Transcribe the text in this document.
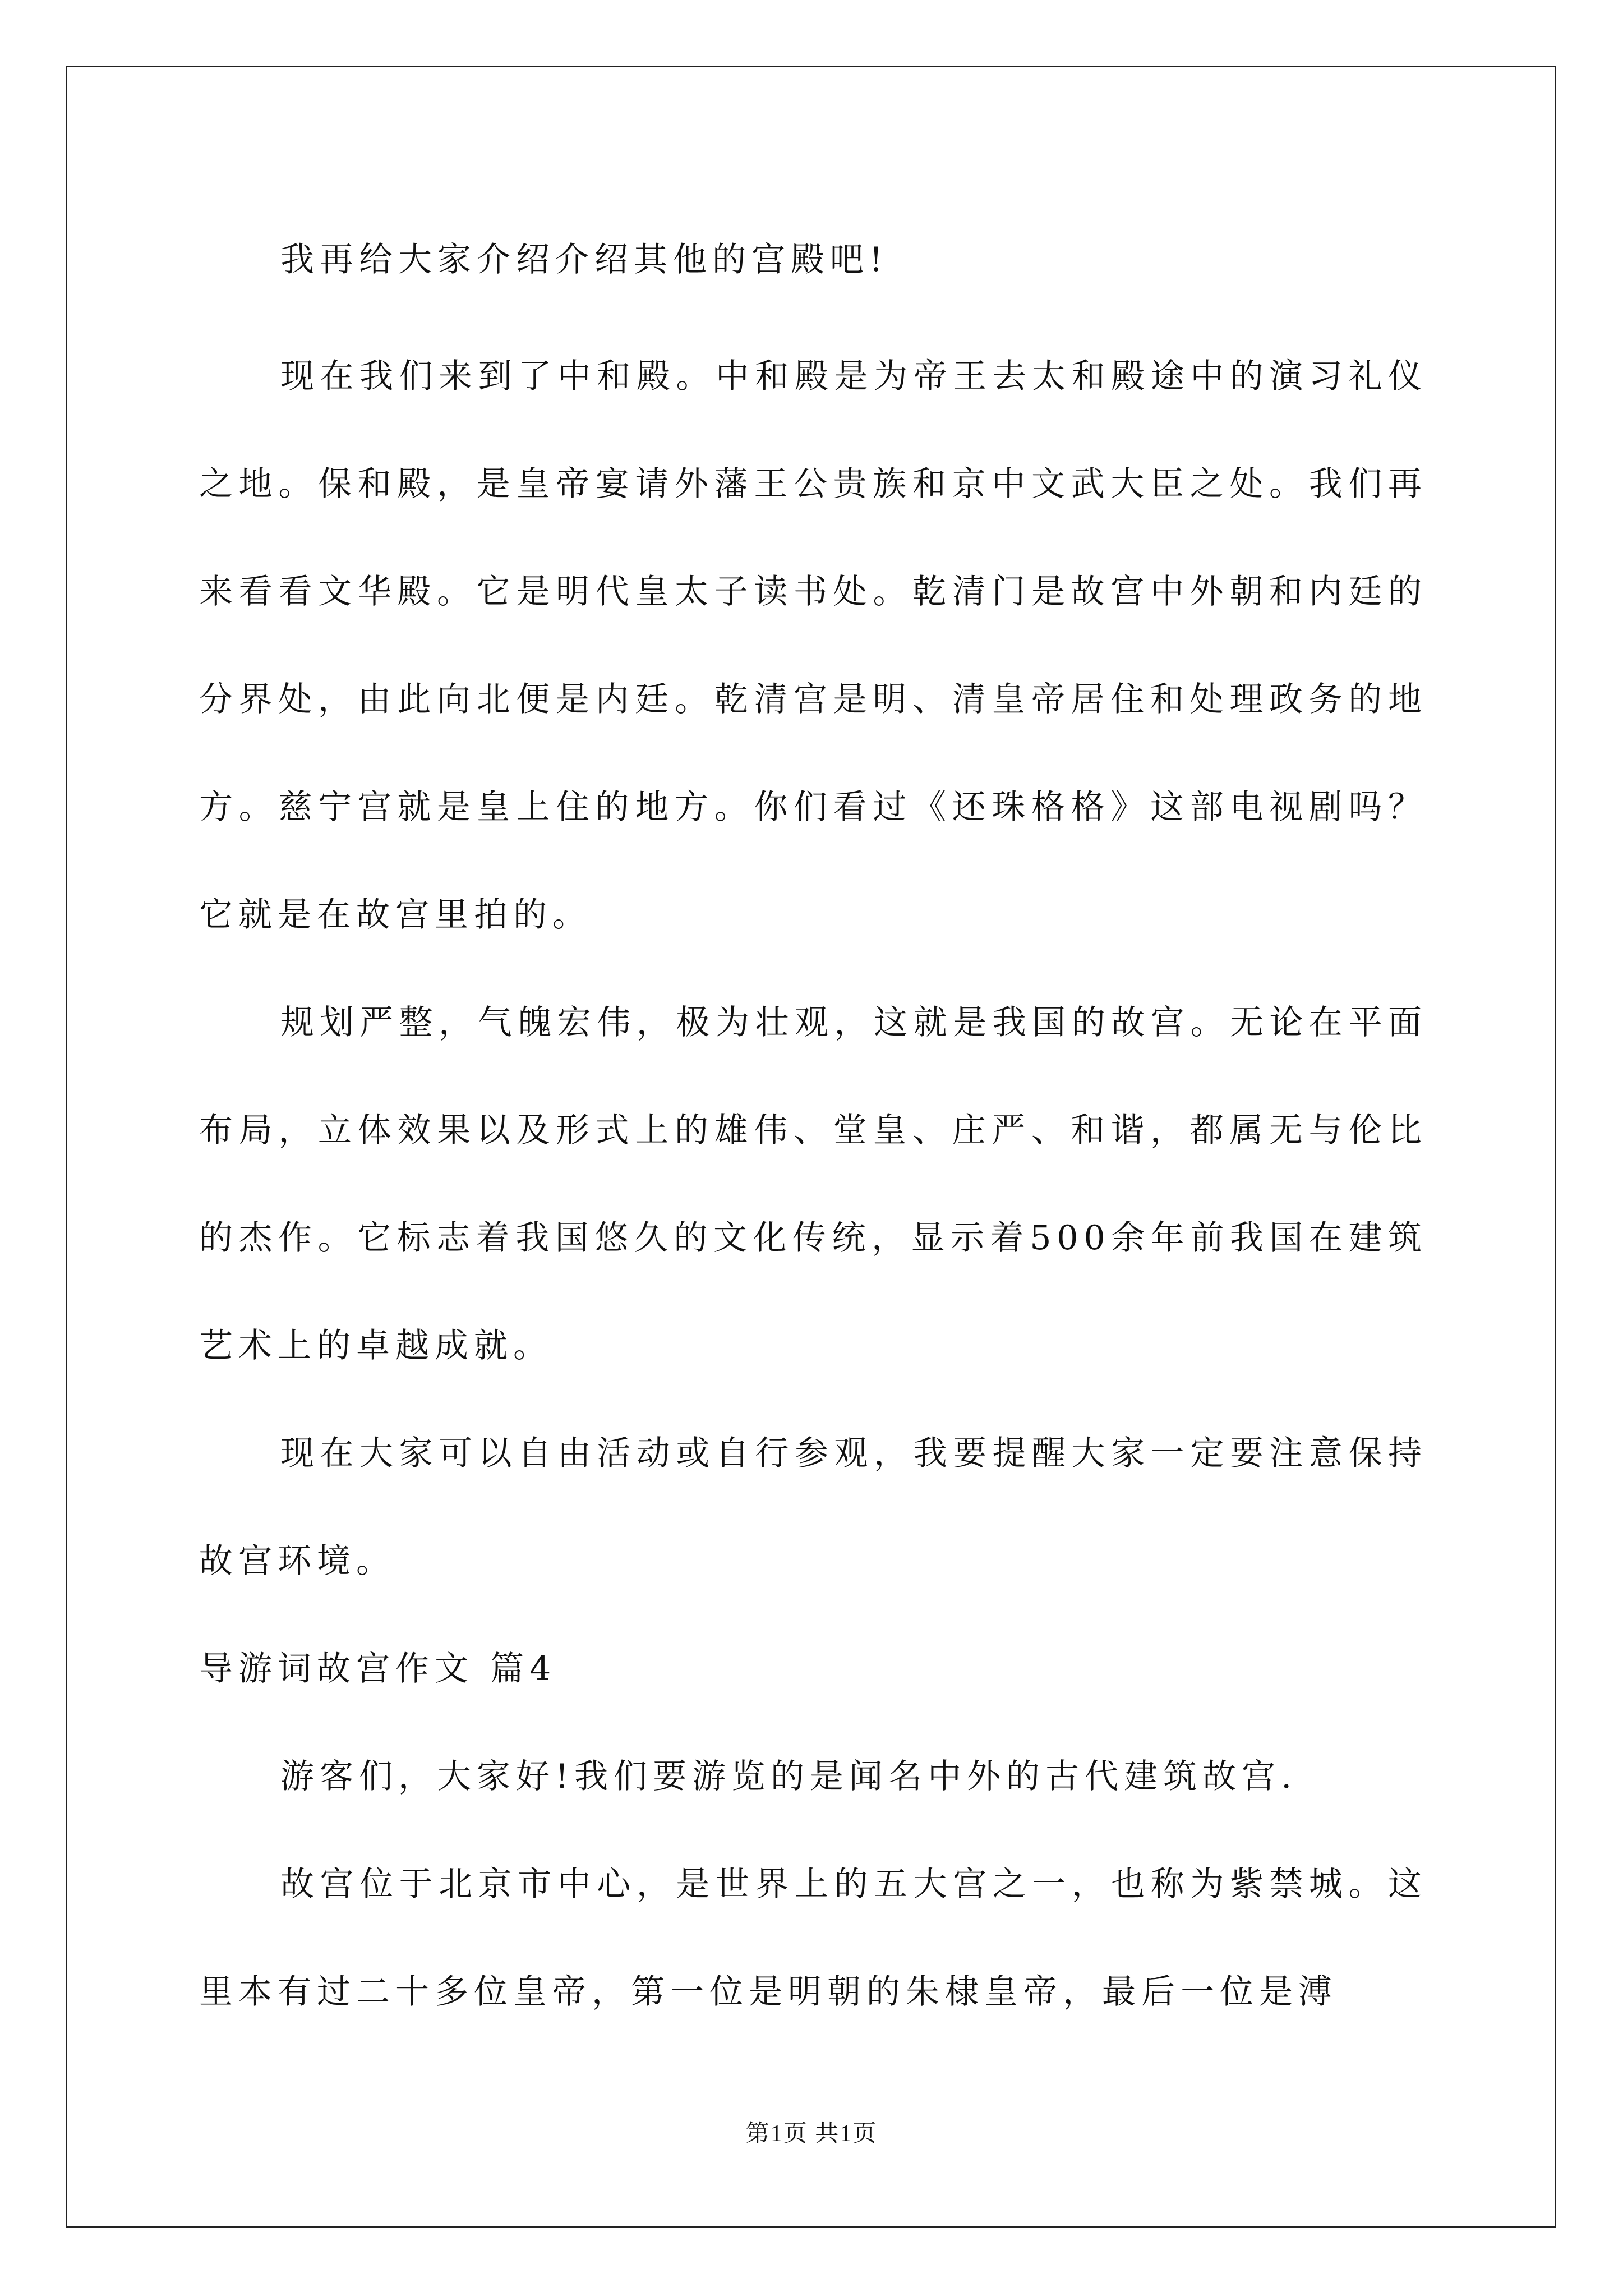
我再给大家介绍介绍其他的宫殿吧!

现在我们来到了中和殿。中和殿是为帝王去太和殿途中的演习礼仪之地。保和殿，是皇帝宴请外藩王公贵族和京中文武大臣之处。我们再来看看文华殿。它是明代皇太子读书处。乾清门是故宫中外朝和内廷的分界处，由此向北便是内廷。乾清宫是明、清皇帝居住和处理政务的地方。慈宁宫就是皇上住的地方。你们看过《还珠格格》这部电视剧吗？它就是在故宫里拍的。

规划严整，气魄宏伟，极为壮观，这就是我国的故宫。无论在平面布局，立体效果以及形式上的雄伟、堂皇、庄严、和谐，都属无与伦比的杰作。它标志着我国悠久的文化传统，显示着500余年前我国在建筑艺术上的卓越成就。

现在大家可以自由活动或自行参观，我要提醒大家一定要注意保持故宫环境。

导游词故宫作文 篇4

游客们，大家好!我们要游览的是闻名中外的古代建筑故宫.

故宫位于北京市中心，是世界上的五大宫之一，也称为紫禁城。这里本有过二十多位皇帝，第一位是明朝的朱棣皇帝，最后一位是溥

第1页 共1页
